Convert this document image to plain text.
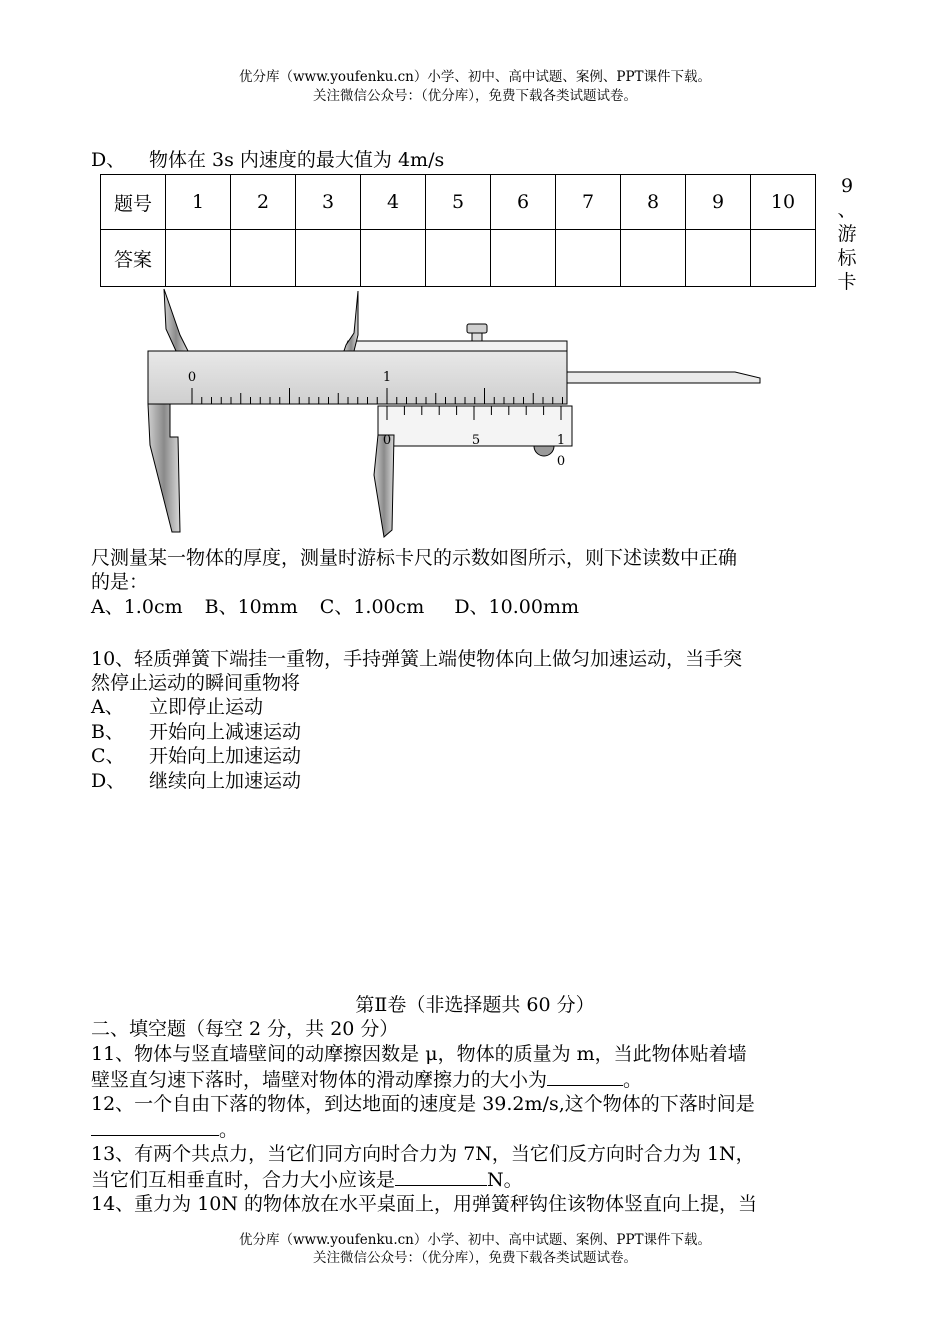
优分库（www.youfenku.cn）小学、初中、高中试题、案例、PPT课件下载。
关注微信公众号：（优分库），免费下载各类试题试卷。
D、 物体在 3s 内速度的最大值为 4m/s
题号	1	2	3	4	5	6	7	8	9	10
答案										
9
、
游
标
卡
0	1
0	5	1
0
尺测量某一物体的厚度，测量时游标卡尺的示数如图所示，则下述读数中正确
的是：
A、1.0cm B、10mm C、1.00cm D、10.00mm
10、轻质弹簧下端挂一重物，手持弹簧上端使物体向上做匀加速运动，当手突
然停止运动的瞬间重物将
A、 立即停止运动
B、 开始向上减速运动
C、 开始向上加速运动
D、 继续向上加速运动
第Ⅱ卷（非选择题共 60 分）
二、填空题（每空 2 分，共 20 分）
11、物体与竖直墙壁间的动摩擦因数是 μ，物体的质量为 m，当此物体贴着墙
壁竖直匀速下落时，墙壁对物体的滑动摩擦力的大小为	。
12、一个自由下落的物体，到达地面的速度是 39.2m/s,这个物体的下落时间是
。
13、有两个共点力，当它们同方向时合力为 7N，当它们反方向时合力为 1N，
当它们互相垂直时，合力大小应该是	N。
14、重力为 10N 的物体放在水平桌面上，用弹簧秤钩住该物体竖直向上提，当
优分库（www.youfenku.cn）小学、初中、高中试题、案例、PPT课件下载。
关注微信公众号：（优分库），免费下载各类试题试卷。
